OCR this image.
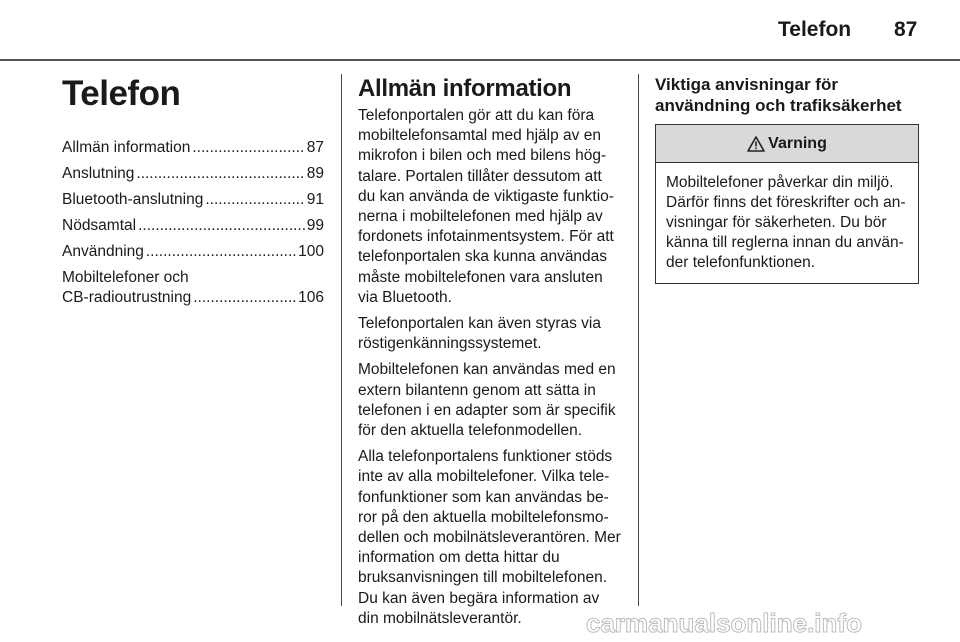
Telefon 87
Telefon
Allmän information .....	87
Anslutning .....	89
Bluetooth-anslutning .....	91
Nödsamtal .....	99
Användning .....	100
Mobiltelefoner och
CB-radioutrustning .....	106
Allmän information

Telefonportalen gör att du kan föra mobiltelefonsamtal med hjälp av en mikrofon i bilen och med bilens högtalare. Portalen tillåter dessutom att du kan använda de viktigaste funktionerna i mobiltelefonen med hjälp av fordonets infotainmentsystem. För att telefonportalen ska kunna användas måste mobiltelefonen vara ansluten via Bluetooth.

Telefonportalen kan även styras via röstigenkänningssystemet.

Mobiltelefonen kan användas med en extern bilantenn genom att sätta in telefonen i en adapter som är specifik för den aktuella telefonmodellen.

Alla telefonportalens funktioner stöds inte av alla mobiltelefoner. Vilka telefonfunktioner som kan användas beror på den aktuella mobiltelefonsmodellen och mobilnätsleverantören. Mer information om detta hittar du bruksanvisningen till mobiltelefonen. Du kan även begära information av din mobilnätsleverantör.

Viktiga anvisningar för användning och trafiksäkerhet
Varning
Mobiltelefoner påverkar din miljö. Därför finns det föreskrifter och anvisningar för säkerheten. Du bör känna till reglerna innan du använder telefonfunktionen.
carmanualsonline.info
